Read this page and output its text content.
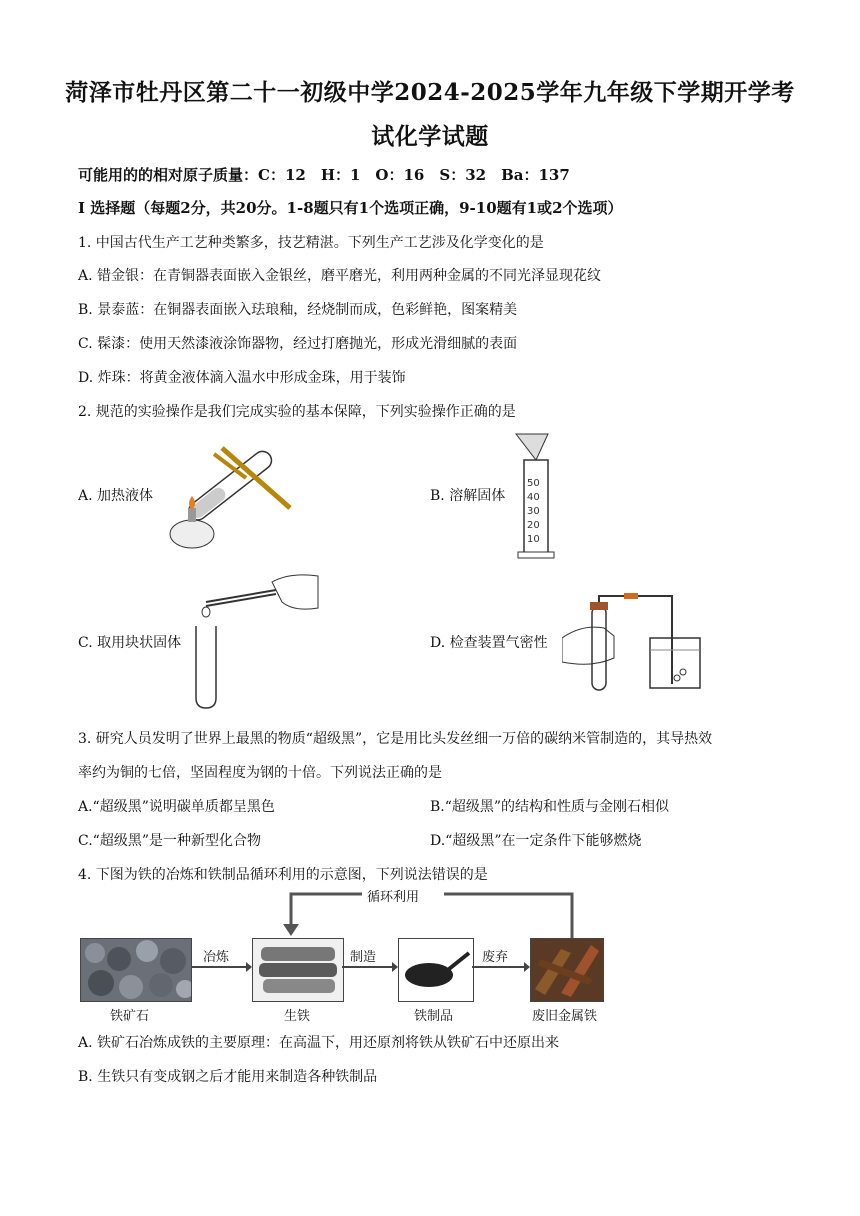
菏泽市牡丹区第二十一初级中学2024-2025学年九年级下学期开学考
试化学试题
可能用的的相对原子质量：C：12　H：1　O：16　S：32　Ba：137
I 选择题（每题2分，共20分。1-8题只有1个选项正确，9-10题有1或2个选项）
1. 中国古代生产工艺种类繁多，技艺精湛。下列生产工艺涉及化学变化的是
A. 错金银：在青铜器表面嵌入金银丝，磨平磨光，利用两种金属的不同光泽显现花纹
B. 景泰蓝：在铜器表面嵌入珐琅釉，经烧制而成，色彩鲜艳，图案精美
C. 髹漆：使用天然漆液涂饰器物，经过打磨抛光，形成光滑细腻的表面
D. 炸珠：将黄金液体滴入温水中形成金珠，用于装饰
2. 规范的实验操作是我们完成实验的基本保障，下列实验操作正确的是
A. 加热液体	B. 溶解固体
50
40
30
20
10
C. 取用块状固体	D. 检查装置气密性
3. 研究人员发明了世界上最黑的物质“超级黑”，它是用比头发丝细一万倍的碳纳米管制造的，其导热效
率约为铜的七倍，坚固程度为钢的十倍。下列说法正确的是
A.“超级黑”说明碳单质都呈黑色	B.“超级黑”的结构和性质与金刚石相似
C.“超级黑”是一种新型化合物	D.“超级黑”在一定条件下能够燃烧
4. 下图为铁的冶炼和铁制品循环利用的示意图，下列说法错误的是
循环利用
冶炼	制造	废弃
铁矿石	生铁	铁制品	废旧金属铁
A. 铁矿石冶炼成铁的主要原理：在高温下，用还原剂将铁从铁矿石中还原出来
B. 生铁只有变成钢之后才能用来制造各种铁制品
